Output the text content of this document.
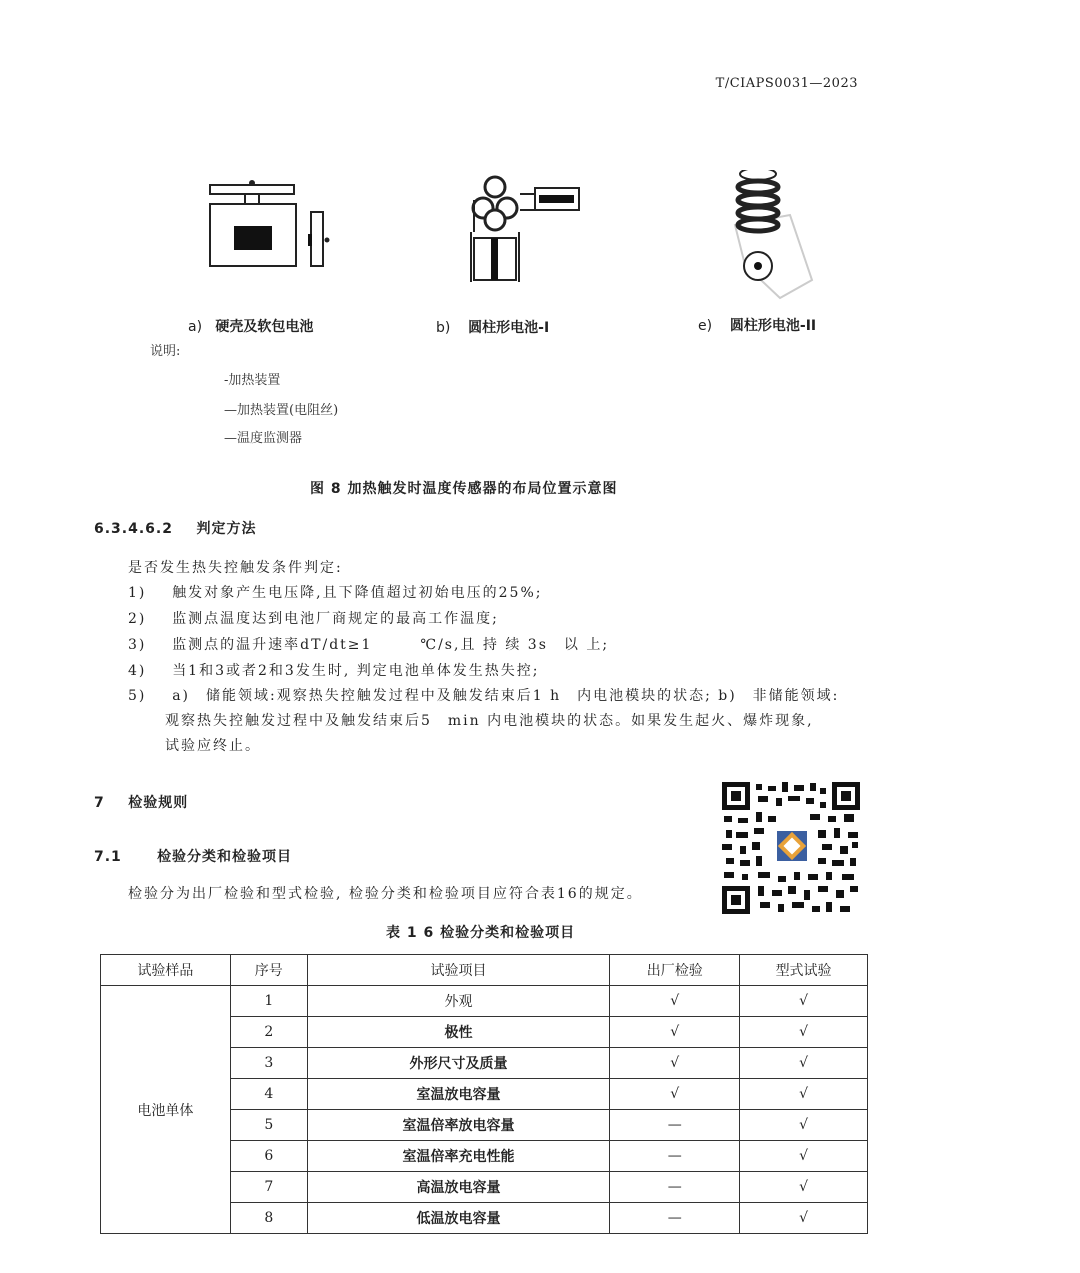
T/CIAPS0031—2023
a) 硬壳及软包电池	b) 圆柱形电池-I	e) 圆柱形电池-II
说明:
-加热装置
—加热装置(电阻丝)
—温度监测器
图 8 加热触发时温度传感器的布局位置示意图
6.3.4.6.2 判定方法
是否发生热失控触发条件判定:
1) 触发对象产生电压降,且下降值超过初始电压的25%;
2) 监测点温度达到电池厂商规定的最高工作温度;
3) 监测点的温升速率dT/dt≥1　　　℃/s,且 持 续 3s　以 上;
4) 当1和3或者2和3发生时, 判定电池单体发生热失控;
5) a)　储能领域:观察热失控触发过程中及触发结束后1 h　内电池模块的状态; b)　非储能领域:
观察热失控触发过程中及触发结束后5　min 内电池模块的状态。如果发生起火、爆炸现象,
试验应终止。
7 检验规则
7.1	检验分类和检验项目
检验分为出厂检验和型式检验, 检验分类和检验项目应符合表16的规定。
表 1 6 检验分类和检验项目
试验样品	序号	试验项目	出厂检验	型式试验
电池单体	1	外观	√	√
	2	极性	√	√
	3	外形尺寸及质量	√	√
	4	室温放电容量	√	√
	5	室温倍率放电容量	—	√
	6	室温倍率充电性能	—	√
	7	高温放电容量	—	√
	8	低温放电容量	—	√
